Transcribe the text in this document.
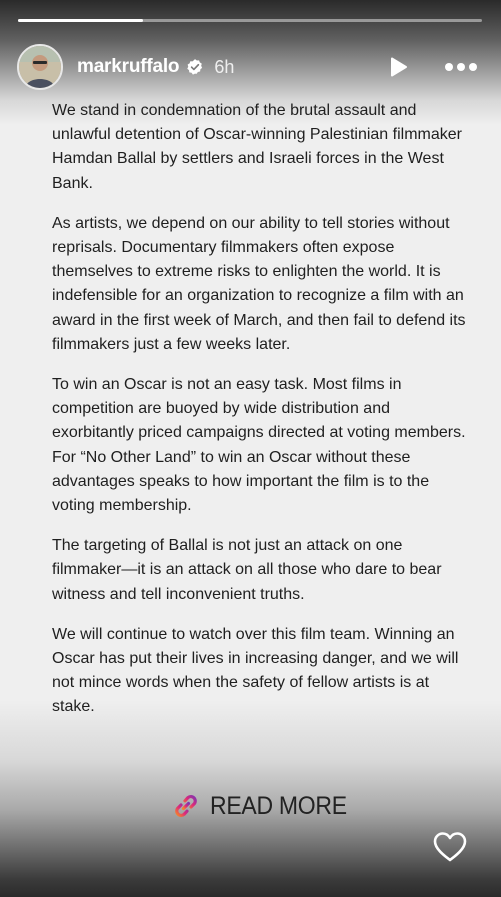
markruffalo 6h

We stand in condemnation of the brutal assault and unlawful detention of Oscar-winning Palestinian filmmaker Hamdan Ballal by settlers and Israeli forces in the West Bank.

As artists, we depend on our ability to tell stories without reprisals. Documentary filmmakers often expose themselves to extreme risks to enlighten the world. It is indefensible for an organization to recognize a film with an award in the first week of March, and then fail to defend its filmmakers just a few weeks later.

To win an Oscar is not an easy task. Most films in competition are buoyed by wide distribution and exorbitantly priced campaigns directed at voting members. For “No Other Land” to win an Oscar without these advantages speaks to how important the film is to the voting membership.

The targeting of Ballal is not just an attack on one filmmaker—it is an attack on all those who dare to bear witness and tell inconvenient truths.

We will continue to watch over this film team. Winning an Oscar has put their lives in increasing danger, and we will not mince words when the safety of fellow artists is at stake.

READ MORE
